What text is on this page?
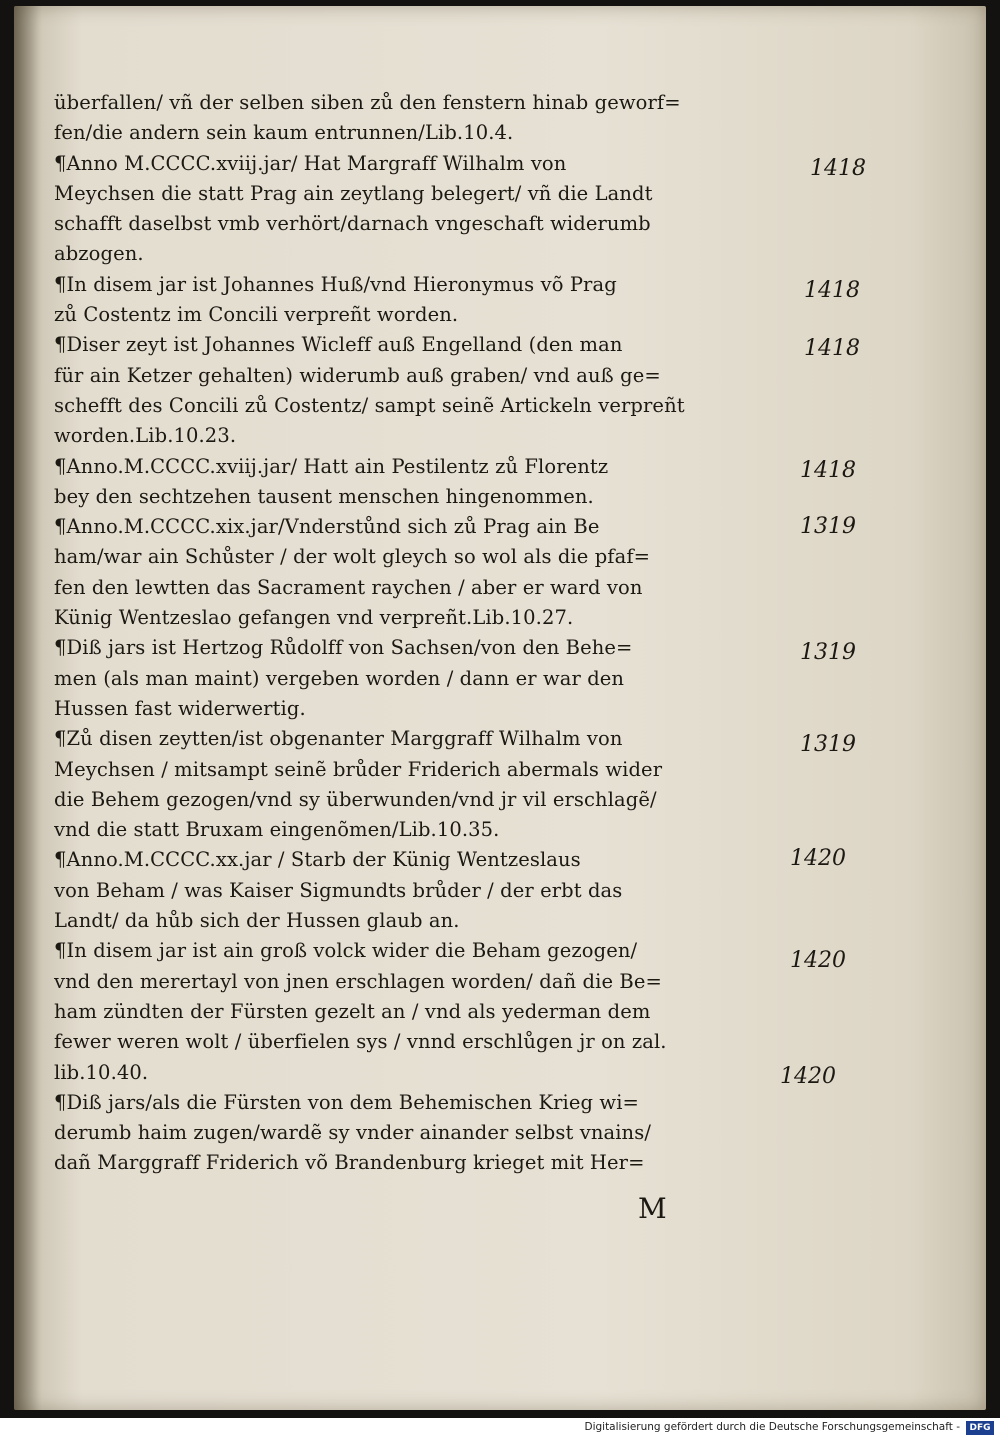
überfallen/ vñ der selben siben zů den fenstern hinab geworf=
fen/die andern sein kaum entrunnen/Lib.10.4.
¶Anno M.CCCC.xviij.jar/ Hat Margraff Wilhalm von
Meychsen die statt Prag ain zeytlang belegert/ vñ die Landt
schafft daselbst vmb verhört/darnach vngeschaft widerumb
abzogen.
¶In disem jar ist Johannes Huß/vnd Hieronymus võ Prag
zů Costentz im Concili verpreñt worden.
¶Diser zeyt ist Johannes Wicleff auß Engelland (den man
für ain Ketzer gehalten) widerumb auß graben/ vnd auß ge=
schefft des Concili zů Costentz/ sampt seinẽ Artickeln verpreñt
worden.Lib.10.23.
¶Anno.M.CCCC.xviij.jar/ Hatt ain Pestilentz zů Florentz
bey den sechtzehen tausent menschen hingenommen.
¶Anno.M.CCCC.xix.jar/Vnderstůnd sich zů Prag ain Be
ham/war ain Schůster / der wolt gleych so wol als die pfaf=
fen den lewtten das Sacrament raychen / aber er ward von
Künig Wentzeslao gefangen vnd verpreñt.Lib.10.27.
¶Diß jars ist Hertzog Růdolff von Sachsen/von den Behe=
men (als man maint) vergeben worden / dann er war den
Hussen fast widerwertig.
¶Zů disen zeytten/ist obgenanter Marggraff Wilhalm von
Meychsen / mitsampt seinẽ brůder Friderich abermals wider
die Behem gezogen/vnd sy überwunden/vnd jr vil erschlagẽ/
vnd die statt Bruxam eingenõmen/Lib.10.35.
¶Anno.M.CCCC.xx.jar / Starb der Künig Wentzeslaus
von Beham / was Kaiser Sigmundts brůder / der erbt das
Landt/ da hůb sich der Hussen glaub an.
¶In disem jar ist ain groß volck wider die Beham gezogen/
vnd den merertayl von jnen erschlagen worden/ dañ die Be=
ham zündten der Fürsten gezelt an / vnd als yederman dem
fewer weren wolt / überfielen sys / vnnd erschlůgen jr on zal.
lib.10.40.
¶Diß jars/als die Fürsten von dem Behemischen Krieg wi=
derumb haim zugen/wardẽ sy vnder ainander selbst vnains/
dañ Marggraff Friderich võ Brandenburg krieget mit Her=
1418
1418
1418
1418
1319
1319
1319
1420
1420
1420
M
Digitalisierung gefördert durch die Deutsche Forschungsgemeinschaft -	DFG
